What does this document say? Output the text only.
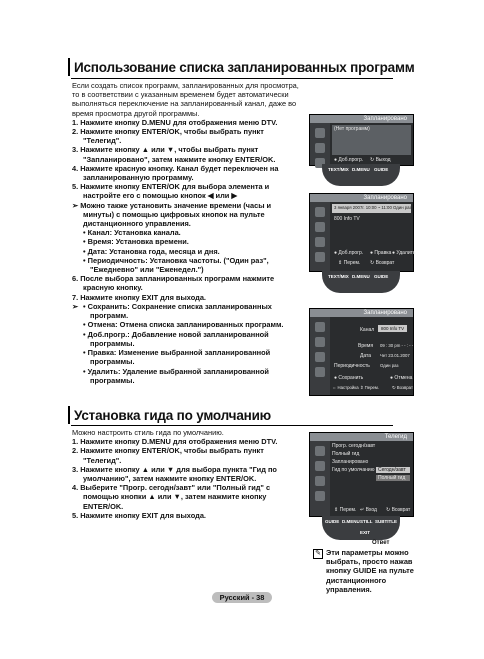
Использование списка запланированных программ

Если создать список программ, запланированных для просмотра, то в соответствии с указанным временем будет автоматически выполняться переключение на запланированный канал, даже во время просмотра другой программы.

1. Нажмите кнопку D.MENU для отображения меню DTV.

2. Нажмите кнопку ENTER/OK, чтобы выбрать пункт "Телегид".

3. Нажмите кнопку ▲ или ▼, чтобы выбрать пункт "Запланировано", затем нажмите кнопку ENTER/OK.

4. Нажмите красную кнопку. Канал будет переключен на запланированную программу.

5. Нажмите кнопку ENTER/OK для выбора элемента и настройте его с помощью кнопок ◀ или ▶

➣ Можно также установить значение времени (часы и минуты) с помощью цифровых кнопок на пульте дистанционного управления.

• Канал: Установка канала.

• Время: Установка времени.

• Дата: Установка года, месяца и дня.

• Периодичность: Установка частоты. ("Один раз", "Ежедневно" или "Еженедел.")

6. После выбора запланированных программ нажмите красную кнопку.

7. Нажмите кнопку EXIT для выхода.

➣ • Сохранить: Сохранение списка запланированных программ.

• Отмена: Отмена списка запланированных программ.

• Доб.прогр.: Добавление новой запланированной программы.

• Правка: Изменение выбранной запланированной программы.

• Удалить: Удаление выбранной запланированной программы.

Запланировано
(Нет программ)
● Доб.прогр. ↻ Выход
TEXT/MIX D.MENU GUIDE
Запланировано
3 января 2007г. 10:00 ~ 11:00 Один раз
800 Info TV
● Доб.прогр. ● Правка ● Удалить
⇕ Перем. ↻ Возврат
TEXT/MIX D.MENU GUIDE
Запланировано
Канал	800 Info TV
Время 09 : 30 pm - - : - -
Дата Чет 23.01.2007
Периодичность Один раз
● Сохранить	● Отмена
⇔ Настройка ⇕ Перем.	↻ Возврат
Установка гида по умолчанию

Можно настроить стиль гида по умолчанию.

1. Нажмите кнопку D.MENU для отображения меню DTV.

2. Нажмите кнопку ENTER/OK, чтобы выбрать пункт "Телегид".

3. Нажмите кнопку ▲ или ▼ для выбора пункта "Гид по умолчанию", затем нажмите кнопку ENTER/OK.

4. Выберите "Прогр. сегодн/завт" или "Полный гид" с помощью кнопки ▲ или ▼, затем нажмите кнопку ENTER/OK.

5. Нажмите кнопку EXIT для выхода.

Телегид
Прогр. сегодн/завт
Полный гид
Запланировано
Гид по умолчанию Сегодн/завт
Полный гид
⇕ Перем. ↵ Вход ↻ Возврат
GUIDE D.MENU STILL SUBTITLE
EXIT
Ответ
✎ Эти параметры можно выбрать, просто нажав кнопку GUIDE на пульте дистанционного управления.
Русский - 38
